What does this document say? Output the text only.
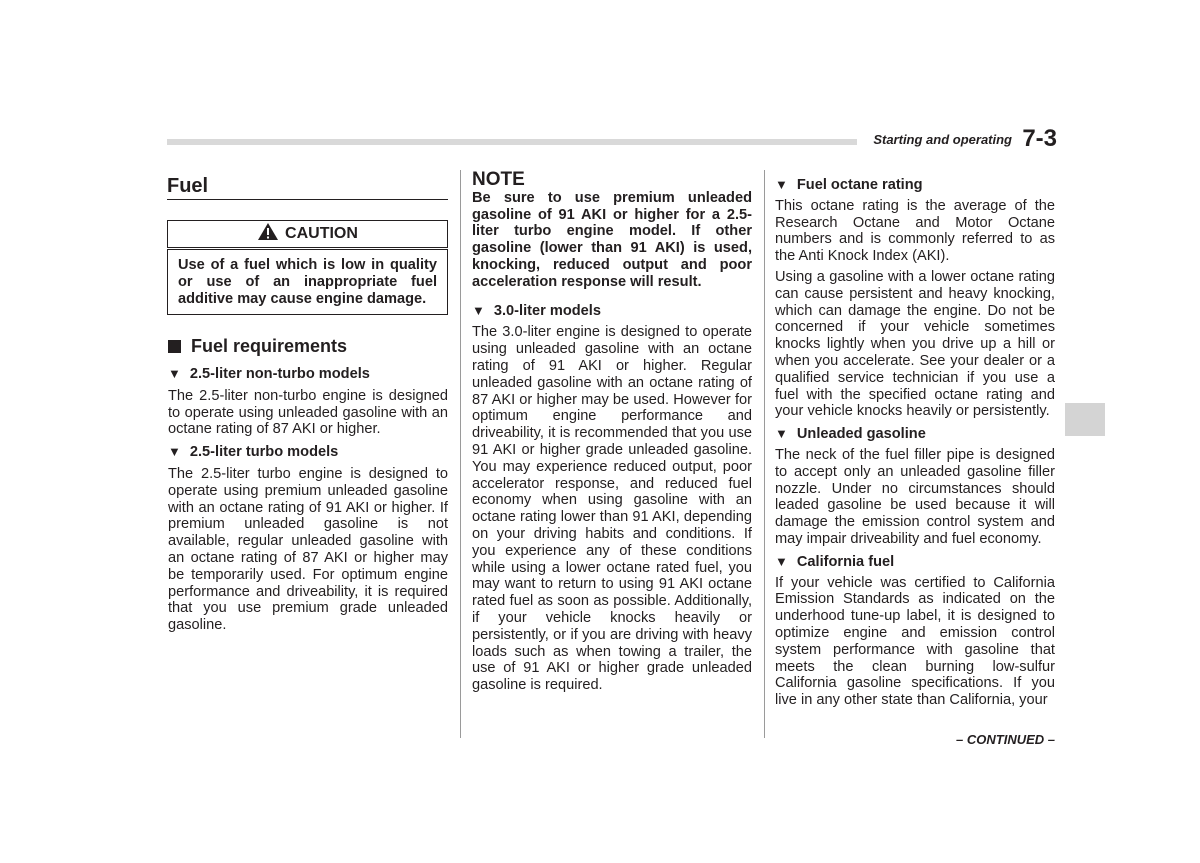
Starting and operating 7-3
Fuel
CAUTION
Use of a fuel which is low in quality or use of an inappropriate fuel additive may cause engine damage.
Fuel requirements
▼ 2.5-liter non-turbo models

The 2.5-liter non-turbo engine is designed to operate using unleaded gasoline with an octane rating of 87 AKI or higher.

▼ 2.5-liter turbo models

The 2.5-liter turbo engine is designed to operate using premium unleaded gasoline with an octane rating of 91 AKI or higher. If premium unleaded gasoline is not available, regular unleaded gasoline with an octane rating of 87 AKI or higher may be temporarily used. For optimum engine performance and driveability, it is required that you use premium grade unleaded gasoline.

NOTE

Be sure to use premium unleaded gasoline of 91 AKI or higher for a 2.5-liter turbo engine model. If other gasoline (lower than 91 AKI) is used, knocking, reduced output and poor acceleration response will result.

▼ 3.0-liter models

The 3.0-liter engine is designed to operate using unleaded gasoline with an octane rating of 91 AKI or higher. Regular unleaded gasoline with an octane rating of 87 AKI or higher may be used. However for optimum engine performance and driveability, it is recommended that you use 91 AKI or higher grade unleaded gasoline. You may experience reduced output, poor accelerator response, and reduced fuel economy when using gasoline with an octane rating lower than 91 AKI, depending on your driving habits and conditions. If you experience any of these conditions while using a lower octane rated fuel, you may want to return to using 91 AKI octane rated fuel as soon as possible. Additionally, if your vehicle knocks heavily or persistently, or if you are driving with heavy loads such as when towing a trailer, the use of 91 AKI or higher grade unleaded gasoline is required.

▼ Fuel octane rating

This octane rating is the average of the Research Octane and Motor Octane numbers and is commonly referred to as the Anti Knock Index (AKI).

Using a gasoline with a lower octane rating can cause persistent and heavy knocking, which can damage the engine. Do not be concerned if your vehicle sometimes knocks lightly when you drive up a hill or when you accelerate. See your dealer or a qualified service technician if you use a fuel with the specified octane rating and your vehicle knocks heavily or persistently.

▼ Unleaded gasoline

The neck of the fuel filler pipe is designed to accept only an unleaded gasoline filler nozzle. Under no circumstances should leaded gasoline be used because it will damage the emission control system and may impair driveability and fuel economy.

▼ California fuel

If your vehicle was certified to California Emission Standards as indicated on the underhood tune-up label, it is designed to optimize engine and emission control system performance with gasoline that meets the clean burning low-sulfur California gasoline specifications. If you live in any other state than California, your

– CONTINUED –
